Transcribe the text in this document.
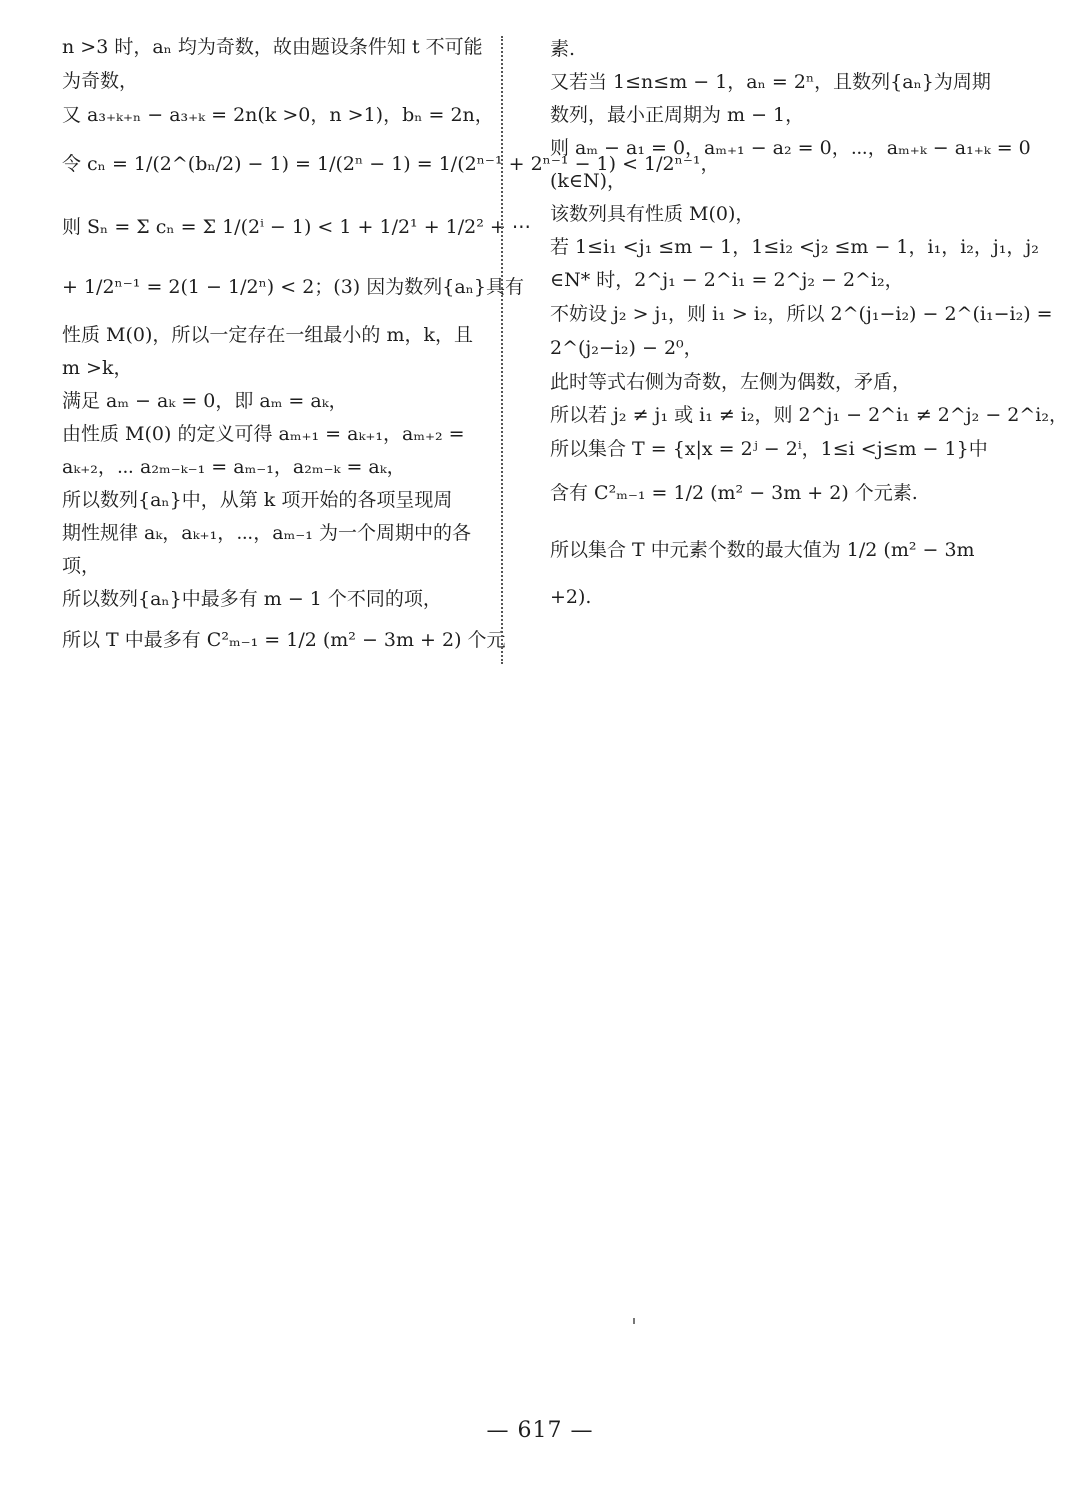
n >3 时，aₙ 均为奇数，故由题设条件知 t 不可能
为奇数，
又 a₃₊ₖ₊ₙ − a₃₊ₖ = 2n(k >0，n >1)，bₙ = 2n，
令 cₙ = 1/(2^(bₙ/2) − 1) = 1/(2ⁿ − 1) = 1/(2ⁿ⁻¹ + 2ⁿ⁻¹ − 1) < 1/2ⁿ⁻¹，
则 Sₙ = Σ cₙ = Σ 1/(2ⁱ − 1) < 1 + 1/2¹ + 1/2² + ⋯
+ 1/2ⁿ⁻¹ = 2(1 − 1/2ⁿ) < 2；(3) 因为数列{aₙ}具有
性质 M(0)，所以一定存在一组最小的 m，k，且
m >k，
满足 aₘ − aₖ = 0，即 aₘ = aₖ，
由性质 M(0) 的定义可得 aₘ₊₁ = aₖ₊₁，aₘ₊₂ =
aₖ₊₂，⋯ a₂ₘ₋ₖ₋₁ = aₘ₋₁，a₂ₘ₋ₖ = aₖ，
所以数列{aₙ}中，从第 k 项开始的各项呈现周
期性规律 aₖ，aₖ₊₁，⋯，aₘ₋₁ 为一个周期中的各
项，
所以数列{aₙ}中最多有 m − 1 个不同的项，
所以 T 中最多有 C²ₘ₋₁ = 1/2 (m² − 3m + 2) 个元
素.
又若当 1≤n≤m − 1，aₙ = 2ⁿ，且数列{aₙ}为周期
数列，最小正周期为 m − 1，
则 aₘ − a₁ = 0，aₘ₊₁ − a₂ = 0，⋯，aₘ₊ₖ − a₁₊ₖ = 0
(k∈N)，
该数列具有性质 M(0)，
若 1≤i₁ <j₁ ≤m − 1，1≤i₂ <j₂ ≤m − 1，i₁，i₂，j₁，j₂
∈N* 时，2^j₁ − 2^i₁ = 2^j₂ − 2^i₂，
不妨设 j₂ > j₁，则 i₁ > i₂，所以 2^(j₁−i₂) − 2^(i₁−i₂) =
2^(j₂−i₂) − 2⁰，
此时等式右侧为奇数，左侧为偶数，矛盾，
所以若 j₂ ≠ j₁ 或 i₁ ≠ i₂，则 2^j₁ − 2^i₁ ≠ 2^j₂ − 2^i₂，
所以集合 T = {x|x = 2ʲ − 2ⁱ，1≤i <j≤m − 1}中
含有 C²ₘ₋₁ = 1/2 (m² − 3m + 2) 个元素.
所以集合 T 中元素个数的最大值为 1/2 (m² − 3m
+2).
— 617 —
